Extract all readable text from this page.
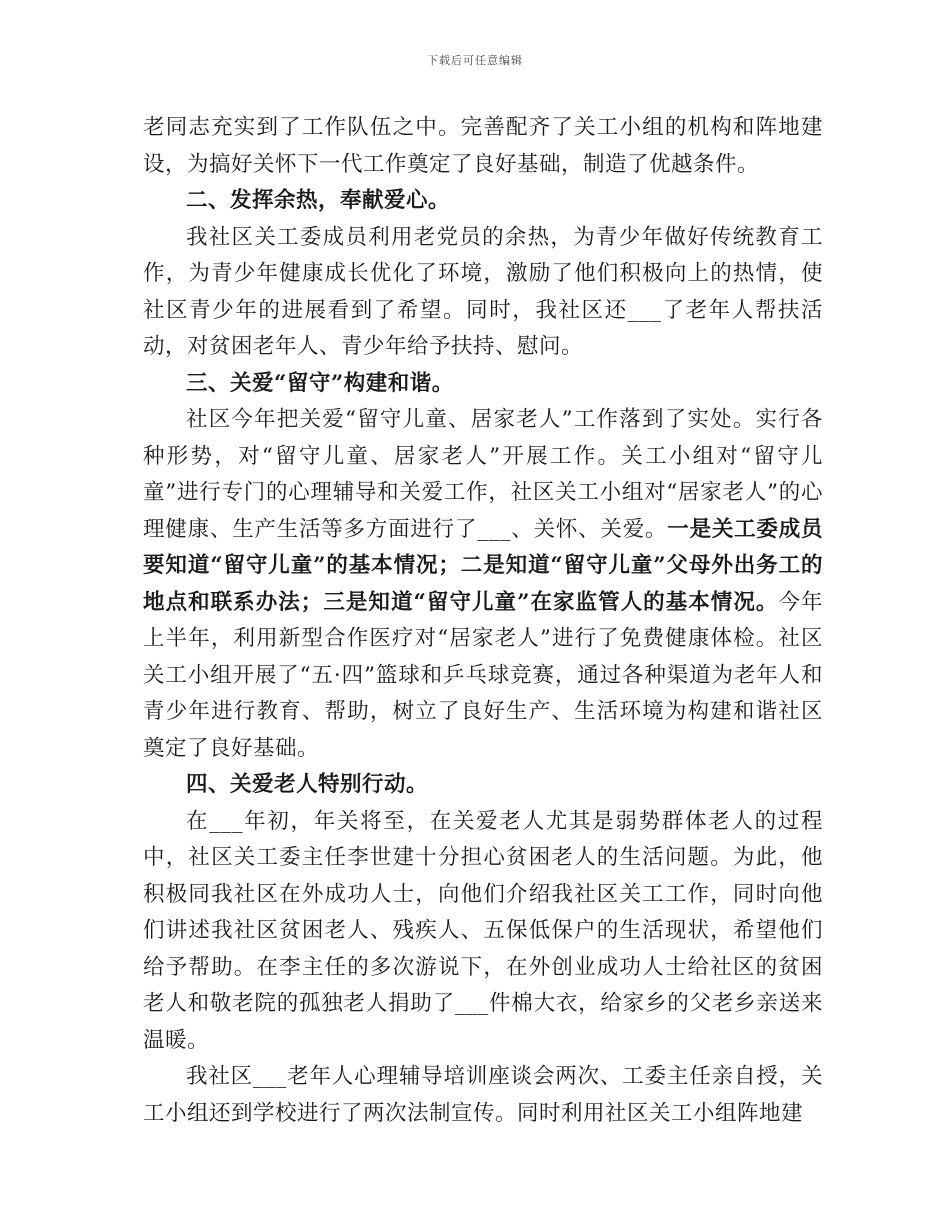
下载后可任意编辑

老同志充实到了工作队伍之中。完善配齐了关工小组的机构和阵地建设，为搞好关怀下一代工作奠定了良好基础，制造了优越条件。

二、发挥余热，奉献爱心。

我社区关工委成员利用老党员的余热，为青少年做好传统教育工作，为青少年健康成长优化了环境，激励了他们积极向上的热情，使社区青少年的进展看到了希望。同时，我社区还___了老年人帮扶活动，对贫困老年人、青少年给予扶持、慰问。

三、关爱“留守”构建和谐。

社区今年把关爱“留守儿童、居家老人”工作落到了实处。实行各种形势，对“留守儿童、居家老人”开展工作。关工小组对“留守儿童”进行专门的心理辅导和关爱工作，社区关工小组对“居家老人”的心理健康、生产生活等多方面进行了___、关怀、关爱。一是关工委成员要知道“留守儿童”的基本情况；二是知道“留守儿童”父母外出务工的地点和联系办法；三是知道“留守儿童”在家监管人的基本情况。今年上半年，利用新型合作医疗对“居家老人”进行了免费健康体检。社区关工小组开展了“五·四”篮球和乒乓球竞赛，通过各种渠道为老年人和青少年进行教育、帮助，树立了良好生产、生活环境为构建和谐社区奠定了良好基础。

四、关爱老人特别行动。

在___年初，年关将至，在关爱老人尤其是弱势群体老人的过程中，社区关工委主任李世建十分担心贫困老人的生活问题。为此，他积极同我社区在外成功人士，向他们介绍我社区关工工作，同时向他们讲述我社区贫困老人、残疾人、五保低保户的生活现状，希望他们给予帮助。在李主任的多次游说下，在外创业成功人士给社区的贫困老人和敬老院的孤独老人捐助了___件棉大衣，给家乡的父老乡亲送来温暖。

我社区___老年人心理辅导培训座谈会两次、工委主任亲自授，关工小组还到学校进行了两次法制宣传。同时利用社区关工小组阵地建
